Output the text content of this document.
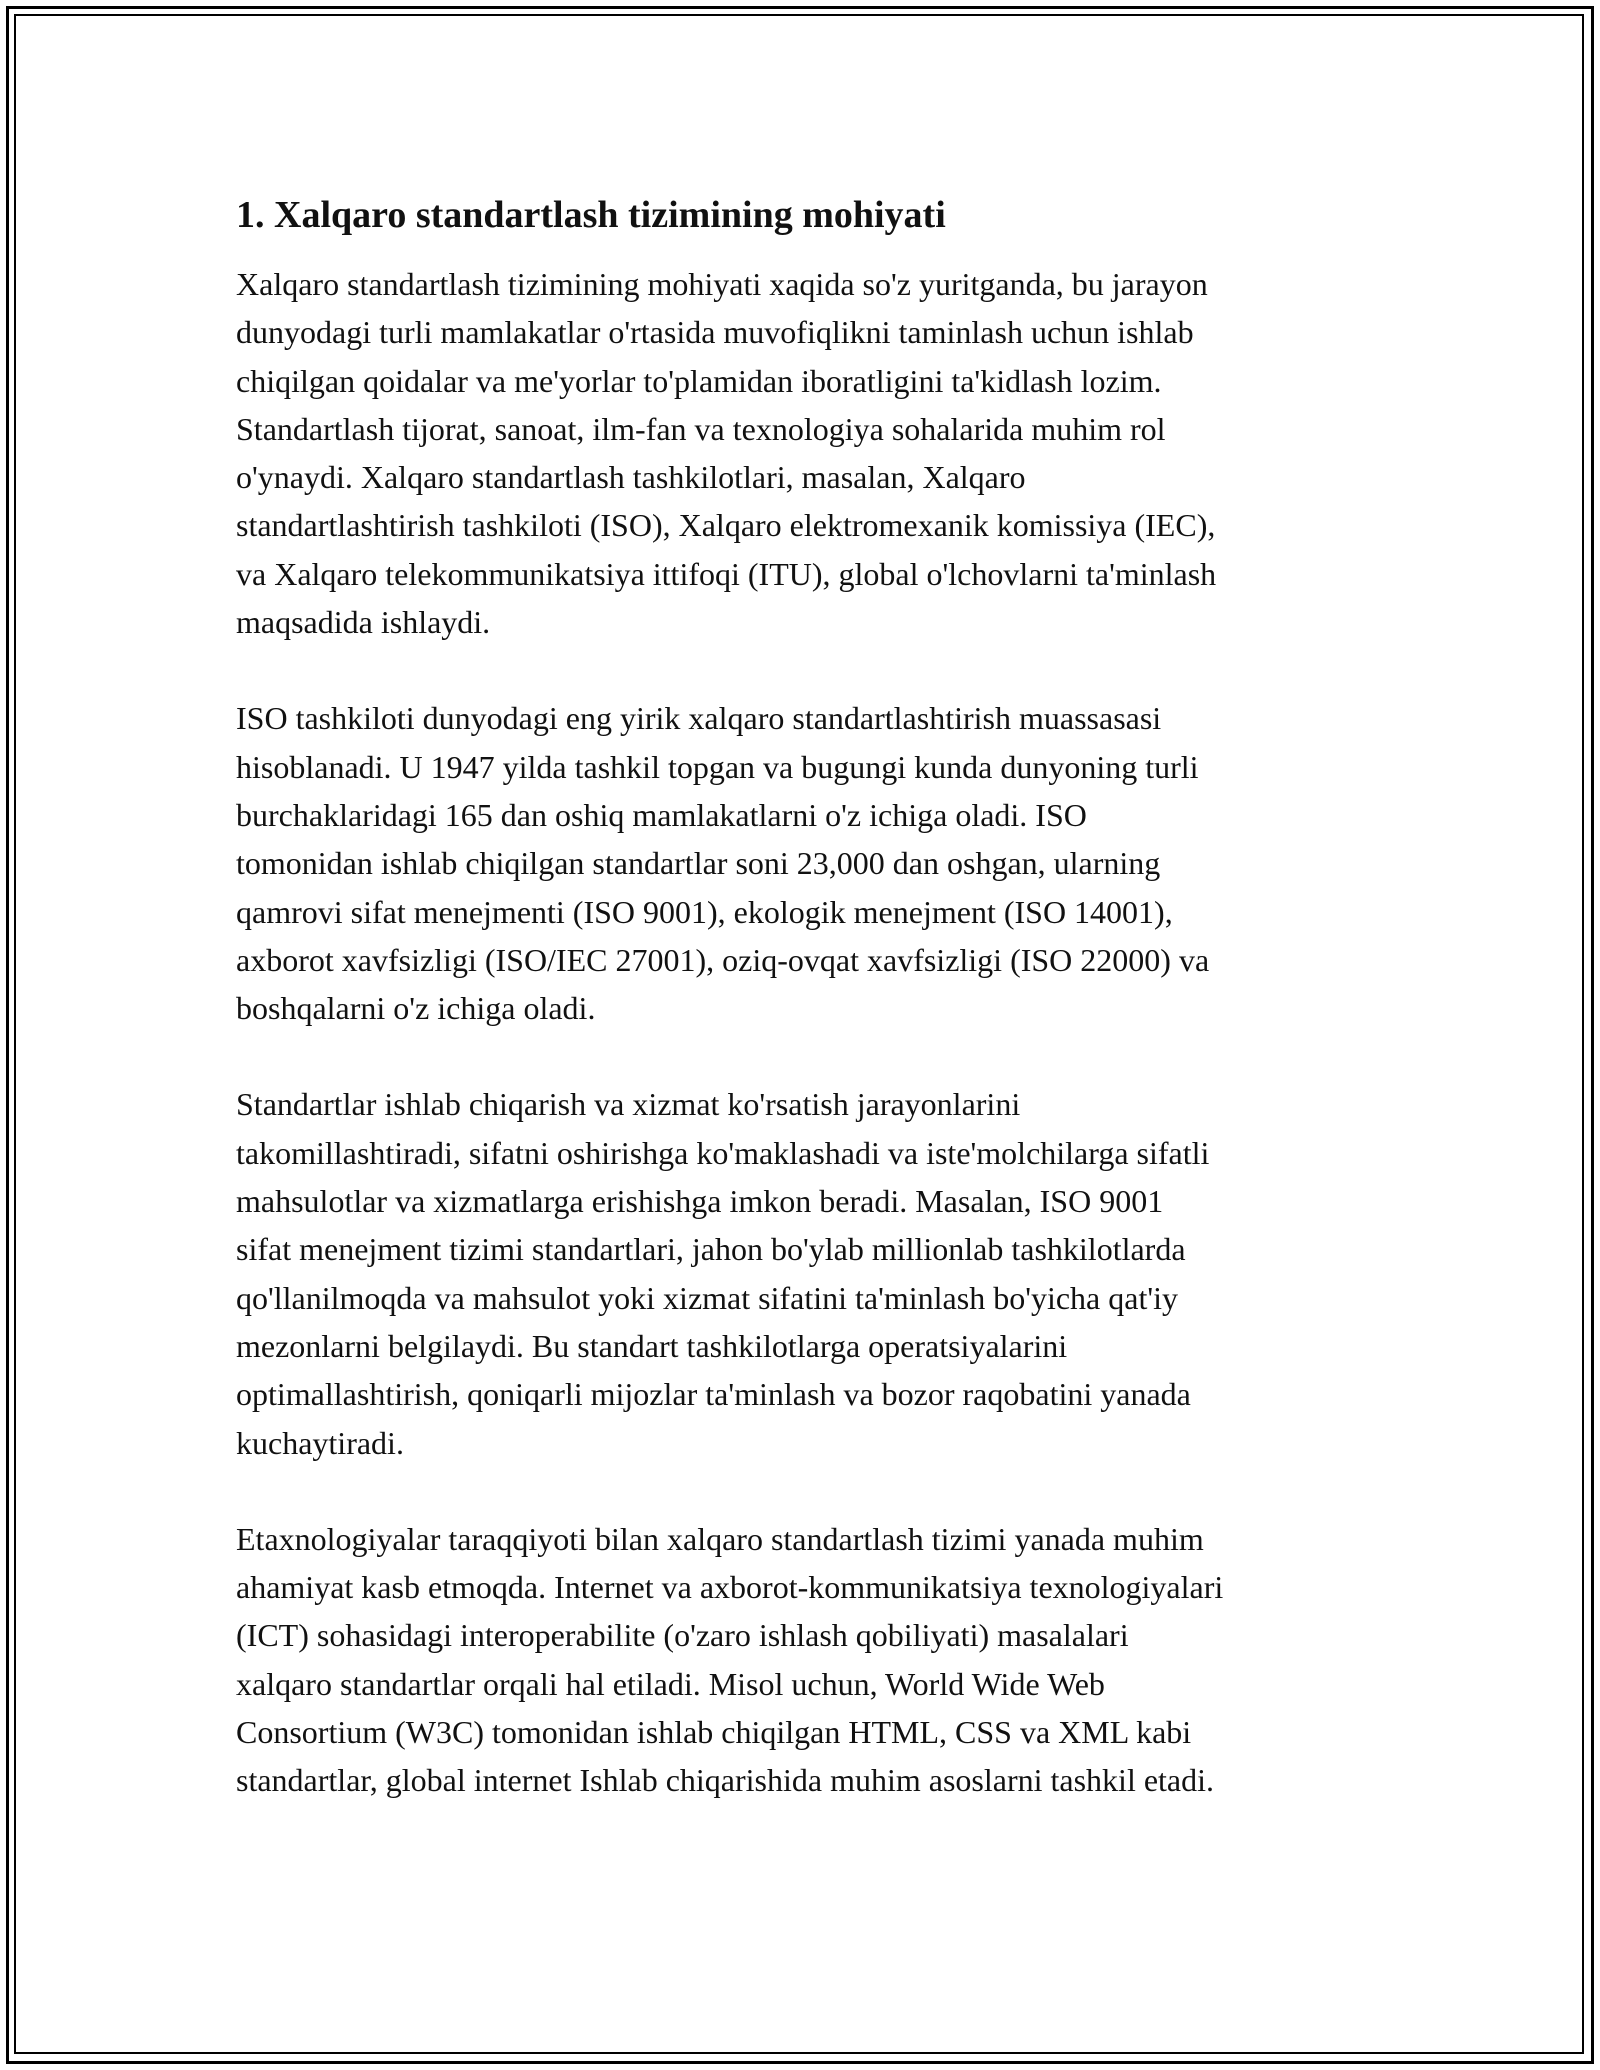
1. Xalqaro standartlash tizimining mohiyati

Xalqaro standartlash tizimining mohiyati xaqida so'z yuritganda, bu jarayon
dunyodagi turli mamlakatlar o'rtasida muvofiqlikni taminlash uchun ishlab
chiqilgan qoidalar va me'yorlar to'plamidan iboratligini ta'kidlash lozim.
Standartlash tijorat, sanoat, ilm-fan va texnologiya sohalarida muhim rol
o'ynaydi. Xalqaro standartlash tashkilotlari, masalan, Xalqaro
standartlashtirish tashkiloti (ISO), Xalqaro elektromexanik komissiya (IEC),
va Xalqaro telekommunikatsiya ittifoqi (ITU), global o'lchovlarni ta'minlash
maqsadida ishlaydi.

ISO tashkiloti dunyodagi eng yirik xalqaro standartlashtirish muassasasi
hisoblanadi. U 1947 yilda tashkil topgan va bugungi kunda dunyoning turli
burchaklaridagi 165 dan oshiq mamlakatlarni o'z ichiga oladi. ISO
tomonidan ishlab chiqilgan standartlar soni 23,000 dan oshgan, ularning
qamrovi sifat menejmenti (ISO 9001), ekologik menejment (ISO 14001),
axborot xavfsizligi (ISO/IEC 27001), oziq-ovqat xavfsizligi (ISO 22000) va
boshqalarni o'z ichiga oladi.

Standartlar ishlab chiqarish va xizmat ko'rsatish jarayonlarini
takomillashtiradi, sifatni oshirishga ko'maklashadi va iste'molchilarga sifatli
mahsulotlar va xizmatlarga erishishga imkon beradi. Masalan, ISO 9001
sifat menejment tizimi standartlari, jahon bo'ylab millionlab tashkilotlarda
qo'llanilmoqda va mahsulot yoki xizmat sifatini ta'minlash bo'yicha qat'iy
mezonlarni belgilaydi. Bu standart tashkilotlarga operatsiyalarini
optimallashtirish, qoniqarli mijozlar ta'minlash va bozor raqobatini yanada
kuchaytiradi.

Etaxnologiyalar taraqqiyoti bilan xalqaro standartlash tizimi yanada muhim
ahamiyat kasb etmoqda. Internet va axborot-kommunikatsiya texnologiyalari
(ICT) sohasidagi interoperabilite (o'zaro ishlash qobiliyati) masalalari
xalqaro standartlar orqali hal etiladi. Misol uchun, World Wide Web
Consortium (W3C) tomonidan ishlab chiqilgan HTML, CSS va XML kabi
standartlar, global internet Ishlab chiqarishida muhim asoslarni tashkil etadi.
